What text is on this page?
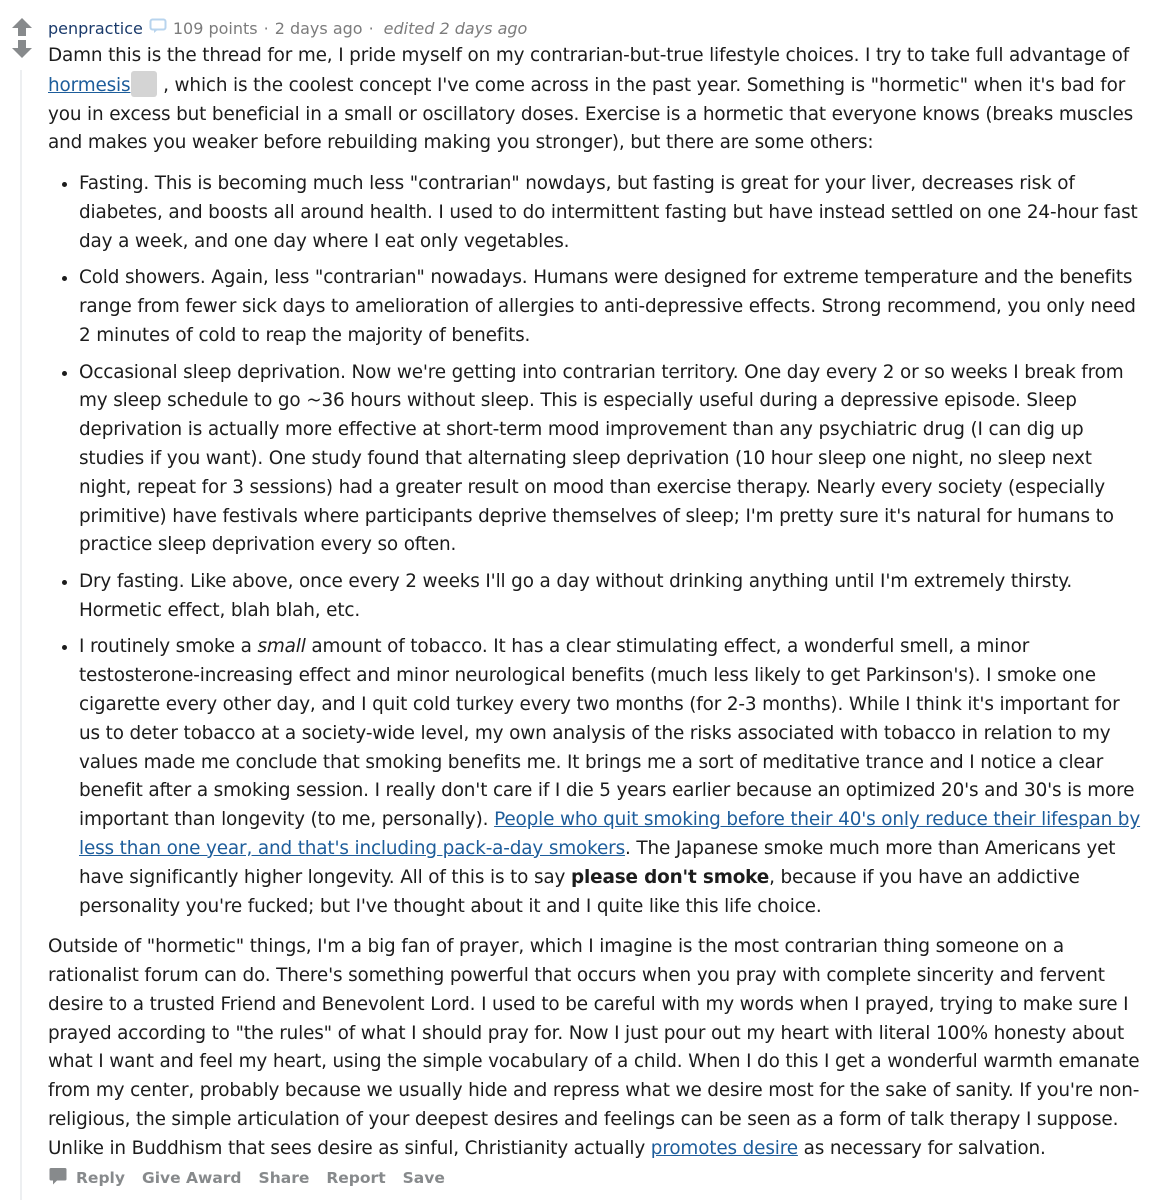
penpractice 109 points · 2 days ago · edited 2 days ago

Damn this is the thread for me, I pride myself on my contrarian-but-true lifestyle choices. I try to take full advantage of hormesis , which is the coolest concept I've come across in the past year. Something is "hormetic" when it's bad for you in excess but beneficial in a small or oscillatory doses. Exercise is a hormetic that everyone knows (breaks muscles and makes you weaker before rebuilding making you stronger), but there are some others:

• Fasting. This is becoming much less "contrarian" nowdays, but fasting is great for your liver, decreases risk of diabetes, and boosts all around health. I used to do intermittent fasting but have instead settled on one 24-hour fast day a week, and one day where I eat only vegetables.
• Cold showers. Again, less "contrarian" nowadays. Humans were designed for extreme temperature and the benefits range from fewer sick days to amelioration of allergies to anti-depressive effects. Strong recommend, you only need 2 minutes of cold to reap the majority of benefits.
• Occasional sleep deprivation. Now we're getting into contrarian territory. One day every 2 or so weeks I break from my sleep schedule to go ~36 hours without sleep. This is especially useful during a depressive episode. Sleep deprivation is actually more effective at short-term mood improvement than any psychiatric drug (I can dig up studies if you want). One study found that alternating sleep deprivation (10 hour sleep one night, no sleep next night, repeat for 3 sessions) had a greater result on mood than exercise therapy. Nearly every society (especially primitive) have festivals where participants deprive themselves of sleep; I'm pretty sure it's natural for humans to practice sleep deprivation every so often.
• Dry fasting. Like above, once every 2 weeks I'll go a day without drinking anything until I'm extremely thirsty. Hormetic effect, blah blah, etc.
• I routinely smoke a small amount of tobacco. It has a clear stimulating effect, a wonderful smell, a minor testosterone-increasing effect and minor neurological benefits (much less likely to get Parkinson's). I smoke one cigarette every other day, and I quit cold turkey every two months (for 2-3 months). While I think it's important for us to deter tobacco at a society-wide level, my own analysis of the risks associated with tobacco in relation to my values made me conclude that smoking benefits me. It brings me a sort of meditative trance and I notice a clear benefit after a smoking session. I really don't care if I die 5 years earlier because an optimized 20's and 30's is more important than longevity (to me, personally). People who quit smoking before their 40's only reduce their lifespan by less than one year, and that's including pack-a-day smokers. The Japanese smoke much more than Americans yet have significantly higher longevity. All of this is to say please don't smoke, because if you have an addictive personality you're fucked; but I've thought about it and I quite like this life choice.

Outside of "hormetic" things, I'm a big fan of prayer, which I imagine is the most contrarian thing someone on a rationalist forum can do. There's something powerful that occurs when you pray with complete sincerity and fervent desire to a trusted Friend and Benevolent Lord. I used to be careful with my words when I prayed, trying to make sure I prayed according to "the rules" of what I should pray for. Now I just pour out my heart with literal 100% honesty about what I want and feel my heart, using the simple vocabulary of a child. When I do this I get a wonderful warmth emanate from my center, probably because we usually hide and repress what we desire most for the sake of sanity. If you're non-religious, the simple articulation of your deepest desires and feelings can be seen as a form of talk therapy I suppose. Unlike in Buddhism that sees desire as sinful, Christianity actually promotes desire as necessary for salvation.

Reply Give Award Share Report Save
